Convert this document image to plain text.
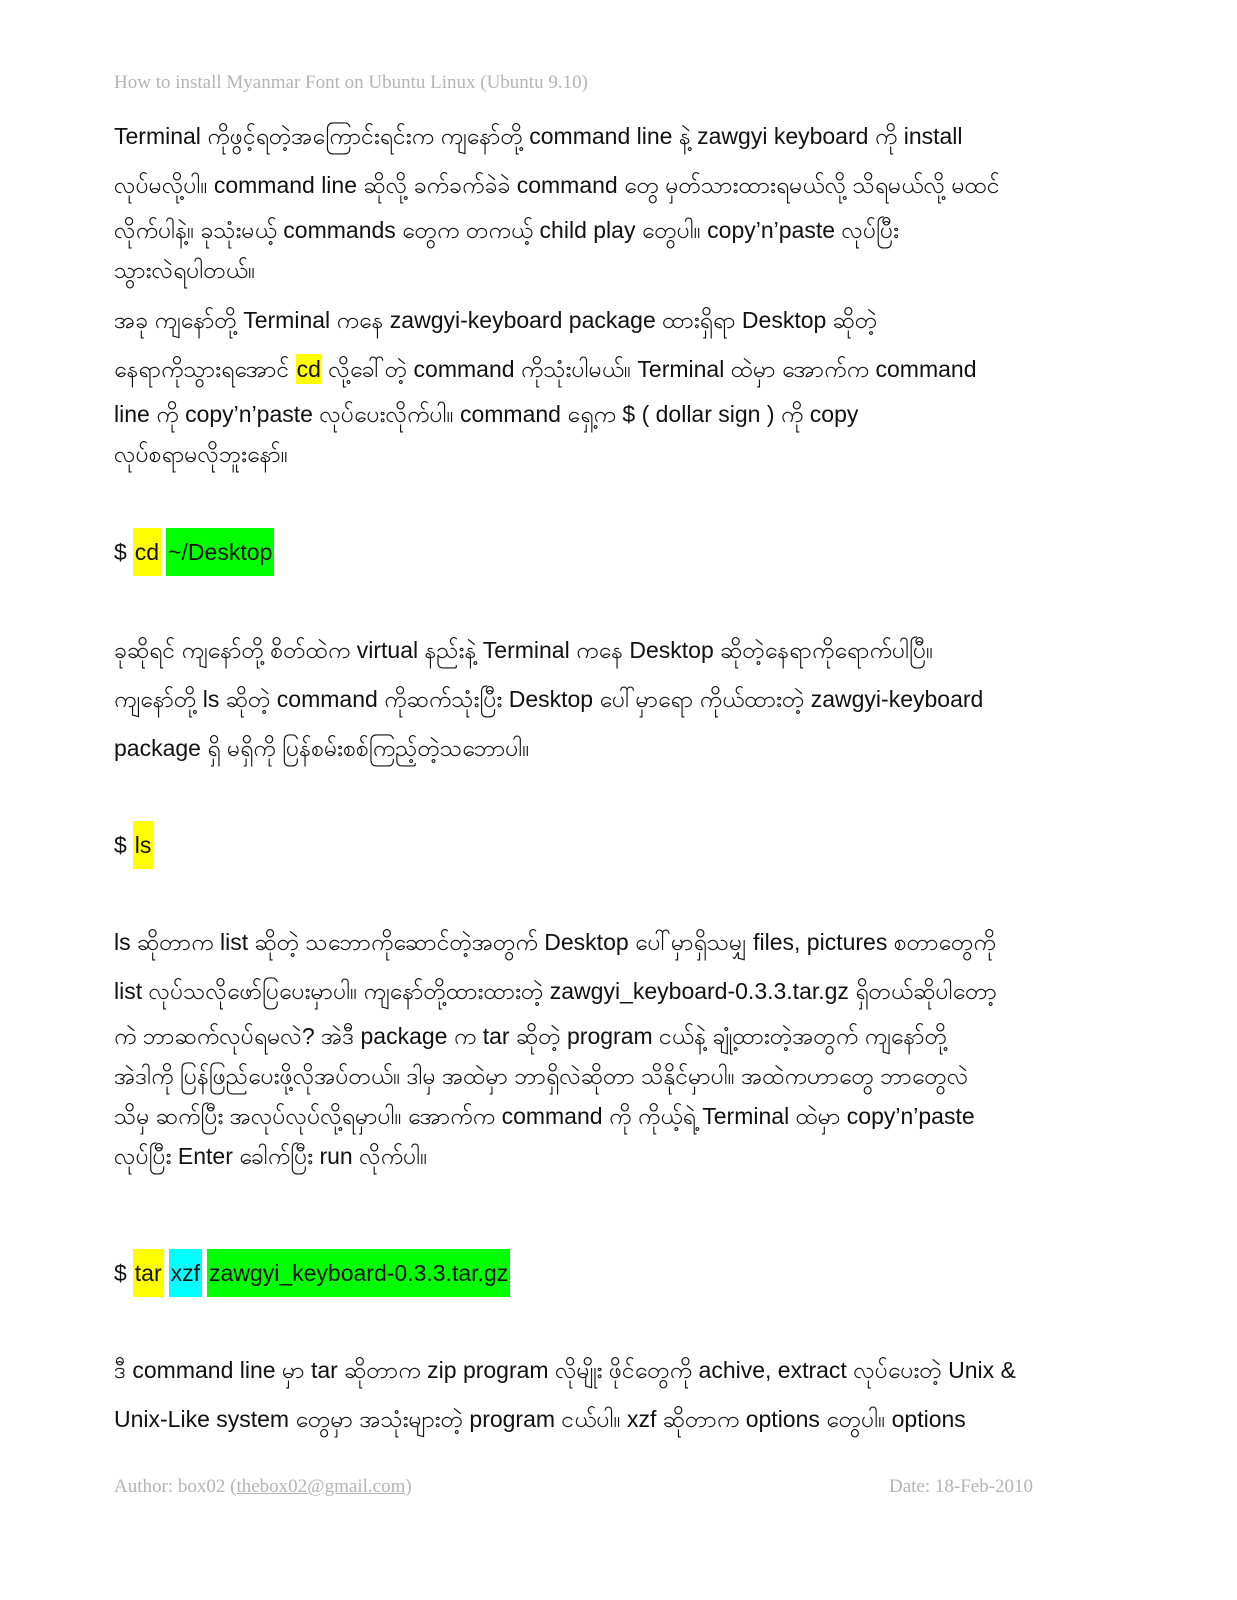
How to install Myanmar Font on Ubuntu Linux (Ubuntu 9.10)
Terminal ကိုဖွင့်ရတဲ့အကြောင်းရင်းက ကျနော်တို့ command line နဲ့ zawgyi keyboard ကို install
လုပ်မလို့ပါ။ command line ဆိုလို့ ခက်ခက်ခဲခဲ command တွေ မှတ်သားထားရမယ်လို့ သိရမယ်လို့ မထင်
လိုက်ပါနဲ့။ ခုသုံးမယ့် commands တွေက တကယ့် child play တွေပါ။ copy’n’paste လုပ်ပြီး
သွားလဲရပါတယ်။
အခု ကျနော်တို့ Terminal ကနေ zawgyi-keyboard package ထားရှိရာ Desktop ဆိုတဲ့
နေရာကိုသွားရအောင် cd လို့ခေါ်တဲ့ command ကိုသုံးပါမယ်။ Terminal ထဲမှာ အောက်က command
line ကို copy’n’paste လုပ်ပေးလိုက်ပါ။ command ရှေ့က $ ( dollar sign ) ကို copy
လုပ်စရာမလိုဘူးနော်။
$ cd ~/Desktop
ခုဆိုရင် ကျနော်တို့ စိတ်ထဲက virtual နည်းနဲ့ Terminal ကနေ Desktop ဆိုတဲ့နေရာကိုရောက်ပါပြီ။
ကျနော်တို့ ls ဆိုတဲ့ command ကိုဆက်သုံးပြီး Desktop ပေါ်မှာရော ကိုယ်ထားတဲ့ zawgyi-keyboard
package ရှိ မရှိကို ပြန်စမ်းစစ်ကြည့်တဲ့သဘောပါ။
$ ls
ls ဆိုတာက list ဆိုတဲ့ သဘောကိုဆောင်တဲ့အတွက် Desktop ပေါ်မှာရှိသမျှ files, pictures စတာတွေကို
list လုပ်သလိုဖော်ပြပေးမှာပါ။ ကျနော်တို့ထားထားတဲ့ zawgyi_keyboard-0.3.3.tar.gz ရှိတယ်ဆိုပါတော့
ကဲ ဘာဆက်လုပ်ရမလဲ? အဲဒီ package က tar ဆိုတဲ့ program ငယ်နဲ့ ချုံ့ထားတဲ့အတွက် ကျနော်တို့
အဲဒါကို ပြန်ဖြည်ပေးဖို့လိုအပ်တယ်။ ဒါမှ အထဲမှာ ဘာရှိလဲဆိုတာ သိနိုင်မှာပါ။ အထဲကဟာတွေ ဘာတွေလဲ
သိမှ ဆက်ပြီး အလုပ်လုပ်လို့ရမှာပါ။ အောက်က command ကို ကိုယ့်ရဲ့ Terminal ထဲမှာ copy’n’paste
လုပ်ပြီး Enter ခေါက်ပြီး run လိုက်ပါ။
$ tar xzf zawgyi_keyboard-0.3.3.tar.gz
ဒီ command line မှာ tar ဆိုတာက zip program လိုမျိုး ဖိုင်တွေကို achive, extract လုပ်ပေးတဲ့ Unix &
Unix-Like system တွေမှာ အသုံးများတဲ့ program ငယ်ပါ။ xzf ဆိုတာက options တွေပါ။ options
Author: box02 (thebox02@gmail.com)	Date: 18-Feb-2010
